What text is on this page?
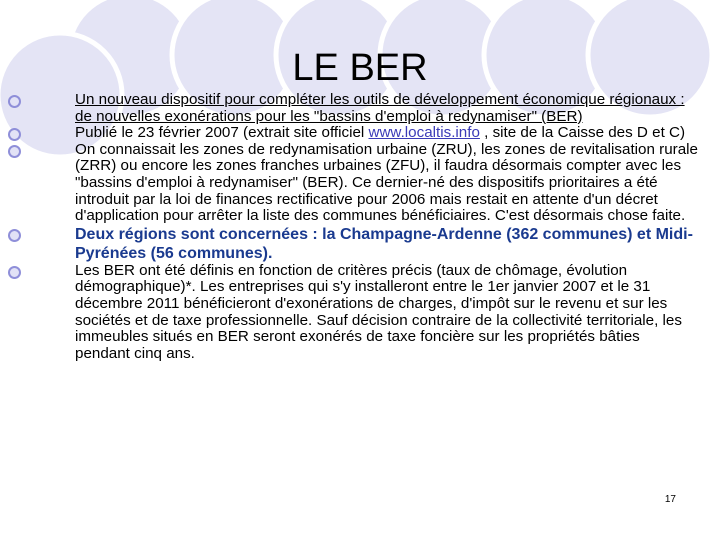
LE BER
Un nouveau dispositif pour compléter les outils de développement économique régionaux : de nouvelles exonérations pour les "bassins d'emploi à redynamiser" (BER)
Publié le 23 février 2007 (extrait site officiel www.localtis.info , site de la Caisse des D et C)
On connaissait les zones de redynamisation urbaine (ZRU), les zones de revitalisation rurale (ZRR) ou encore les zones franches urbaines (ZFU), il faudra désormais compter avec les "bassins d'emploi à redynamiser" (BER). Ce dernier-né des dispositifs prioritaires a été introduit par la loi de finances rectificative pour 2006 mais restait en attente d'un décret d'application pour arrêter la liste des communes bénéficiaires. C'est désormais chose faite.
Deux régions sont concernées : la Champagne-Ardenne (362 communes) et Midi-Pyrénées (56 communes).
Les BER ont été définis en fonction de critères précis (taux de chômage, évolution démographique)*. Les entreprises qui s'y installeront entre le 1er janvier 2007 et le 31 décembre 2011 bénéficieront d'exonérations de charges, d'impôt sur le revenu et sur les sociétés et de taxe professionnelle. Sauf décision contraire de la collectivité territoriale, les immeubles situés en BER seront exonérés de taxe foncière sur les propriétés bâties pendant cinq ans.
17
